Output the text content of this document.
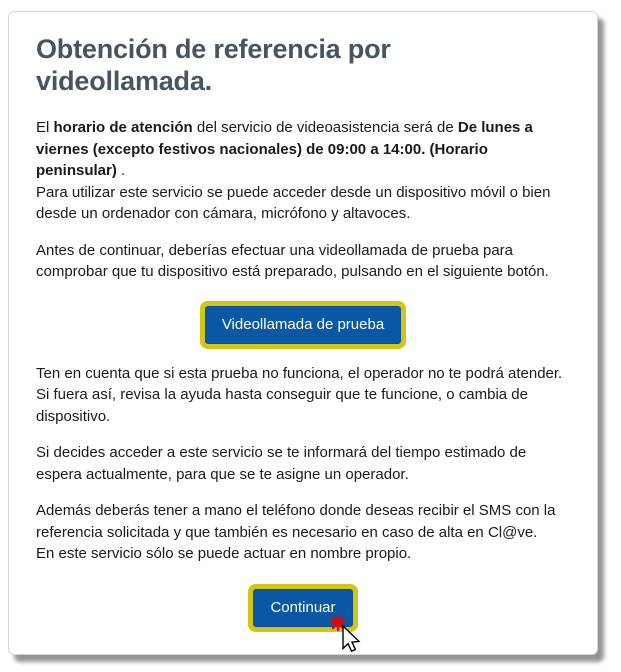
Obtención de referencia por videollamada.

El horario de atención del servicio de videoasistencia será de De lunes a viernes (excepto festivos nacionales) de 09:00 a 14:00. (Horario peninsular) .
Para utilizar este servicio se puede acceder desde un dispositivo móvil o bien desde un ordenador con cámara, micrófono y altavoces.

Antes de continuar, deberías efectuar una videollamada de prueba para comprobar que tu dispositivo está preparado, pulsando en el siguiente botón.

Videollamada de prueba

Ten en cuenta que si esta prueba no funciona, el operador no te podrá atender. Si fuera así, revisa la ayuda hasta conseguir que te funcione, o cambia de dispositivo.

Si decides acceder a este servicio se te informará del tiempo estimado de espera actualmente, para que se te asigne un operador.

Además deberás tener a mano el teléfono donde deseas recibir el SMS con la referencia solicitada y que también es necesario en caso de alta en Cl@ve.
En este servicio sólo se puede actuar en nombre propio.

Continuar
